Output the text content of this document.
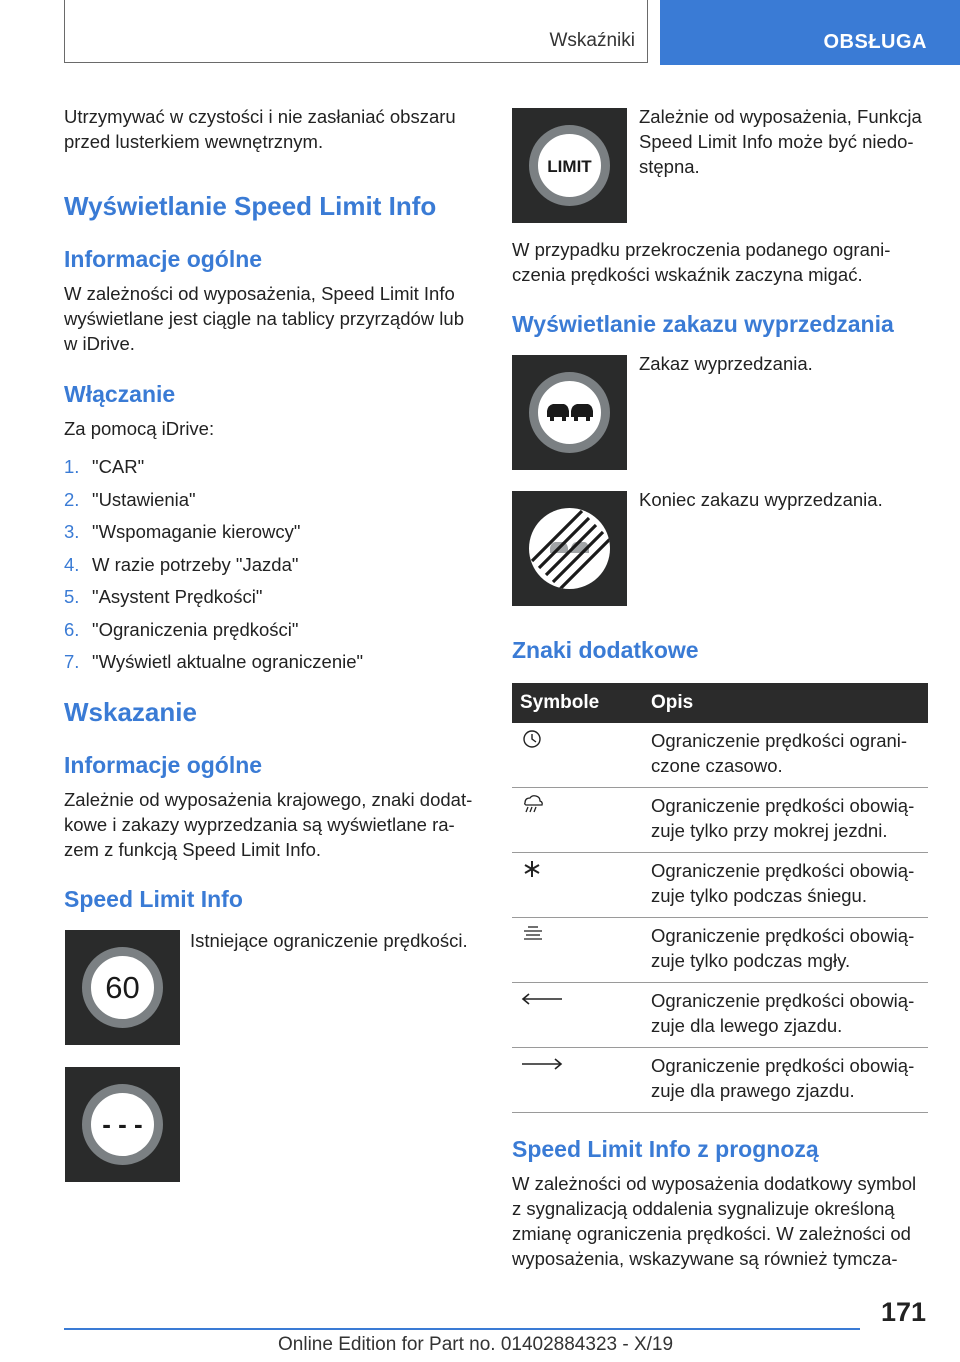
Wskaźniki	OBSŁUGA
Utrzymywać w czystości i nie zasłaniać obszaru
przed lusterkiem wewnętrznym.
Wyświetlanie Speed Limit Info
Informacje ogólne
W zależności od wyposażenia, Speed Limit Info
wyświetlane jest ciągle na tablicy przyrządów lub
w iDrive.
Włączanie
Za pomocą iDrive:
1. "CAR"
2. "Ustawienia"
3. "Wspomaganie kierowcy"
4. W razie potrzeby "Jazda"
5. "Asystent Prędkości"
6. "Ograniczenia prędkości"
7. "Wyświetl aktualne ograniczenie"
Wskazanie
Informacje ogólne
Zależnie od wyposażenia krajowego, znaki dodat-
kowe i zakazy wyprzedzania są wyświetlane ra-
zem z funkcją Speed Limit Info.
Speed Limit Info
60
Istniejące ograniczenie prędkości.
- - -
LIMIT
Zależnie od wyposażenia, Funkcja
Speed Limit Info może być niedo-
stępna.
W przypadku przekroczenia podanego ograni-
czenia prędkości wskaźnik zaczyna migać.
Wyświetlanie zakazu wyprzedzania
Zakaz wyprzedzania.
Koniec zakazu wyprzedzania.
Znaki dodatkowe
Symbole	Opis

Ograniczenie prędkości ograni-
czone czasowo.

Ograniczenie prędkości obowią-
zuje tylko przy mokrej jezdni.

Ograniczenie prędkości obowią-
zuje tylko podczas śniegu.

Ograniczenie prędkości obowią-
zuje tylko podczas mgły.

Ograniczenie prędkości obowią-
zuje dla lewego zjazdu.

Ograniczenie prędkości obowią-
zuje dla prawego zjazdu.
Speed Limit Info z prognozą
W zależności od wyposażenia dodatkowy symbol
z sygnalizacją oddalenia sygnalizuje określoną
zmianę ograniczenia prędkości. W zależności od
wyposażenia, wskazywane są również tymcza-
171
Online Edition for Part no. 01402884323 - X/19
